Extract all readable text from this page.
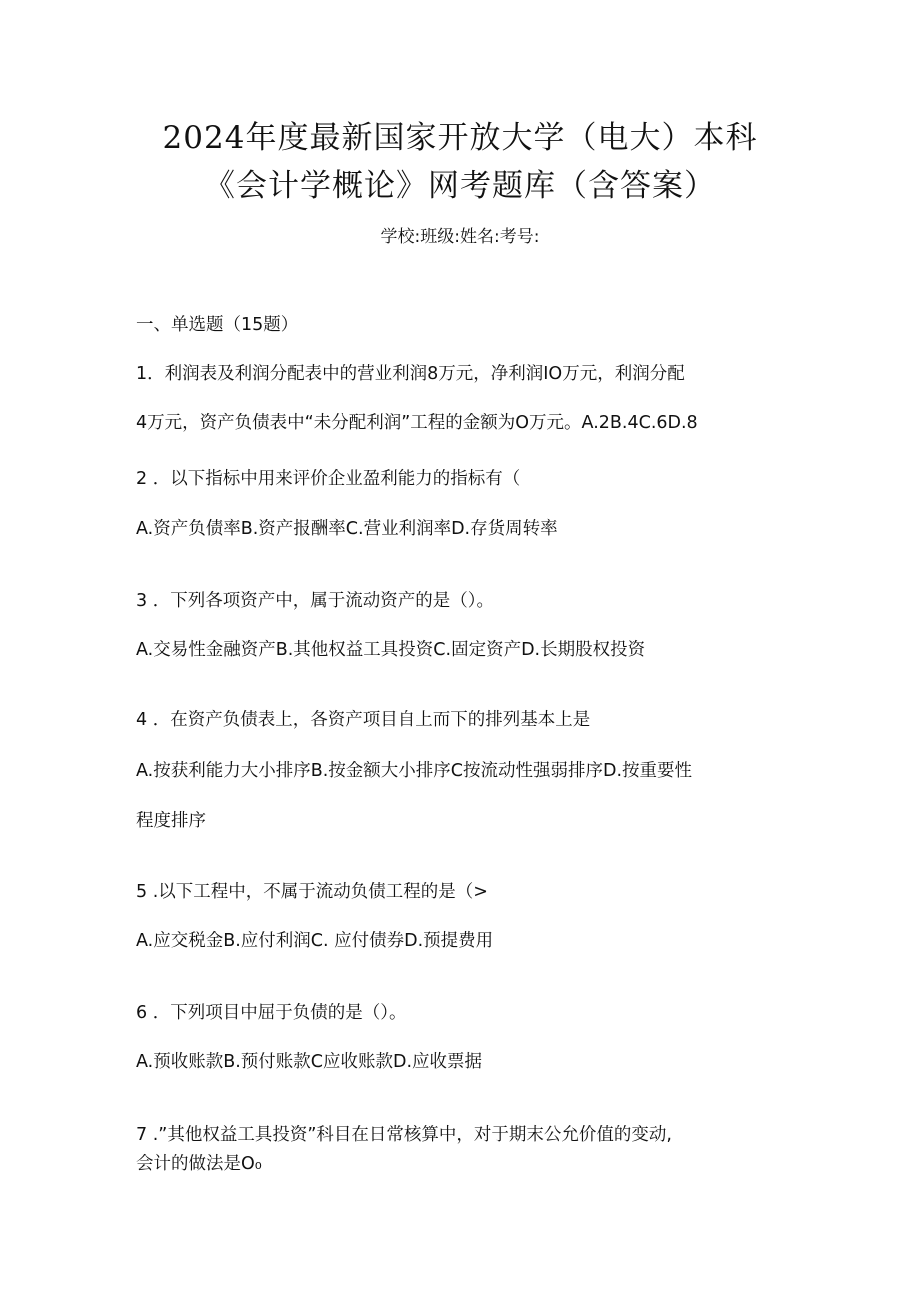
2024年度最新国家开放大学（电大）本科
《会计学概论》网考题库（含答案）
学校:班级:姓名:考号:
一、单选题（15题）
1．利润表及利润分配表中的营业利润8万元，净利润IO万元，利润分配
4万元，资产负债表中“未分配利润”工程的金额为O万元。A.2B.4C.6D.8
2 ．以下指标中用来评价企业盈利能力的指标有（
A.资产负债率B.资产报酬率C.营业利润率D.存货周转率
3 ．下列各项资产中，属于流动资产的是（）。
A.交易性金融资产B.其他权益工具投资C.固定资产D.长期股权投资
4 ．在资产负债表上，各资产项目自上而下的排列基本上是
A.按获利能力大小排序B.按金额大小排序C按流动性强弱排序D.按重要性
程度排序
5 .以下工程中，不属于流动负债工程的是（>
A.应交税金B.应付利润C. 应付债券D.预提费用
6 ．下列项目中屈于负债的是（）。
A.预收账款B.预付账款C应收账款D.应收票据
7 .”其他权益工具投资”科目在日常核算中，对于期末公允价值的变动,
会计的做法是O₀
